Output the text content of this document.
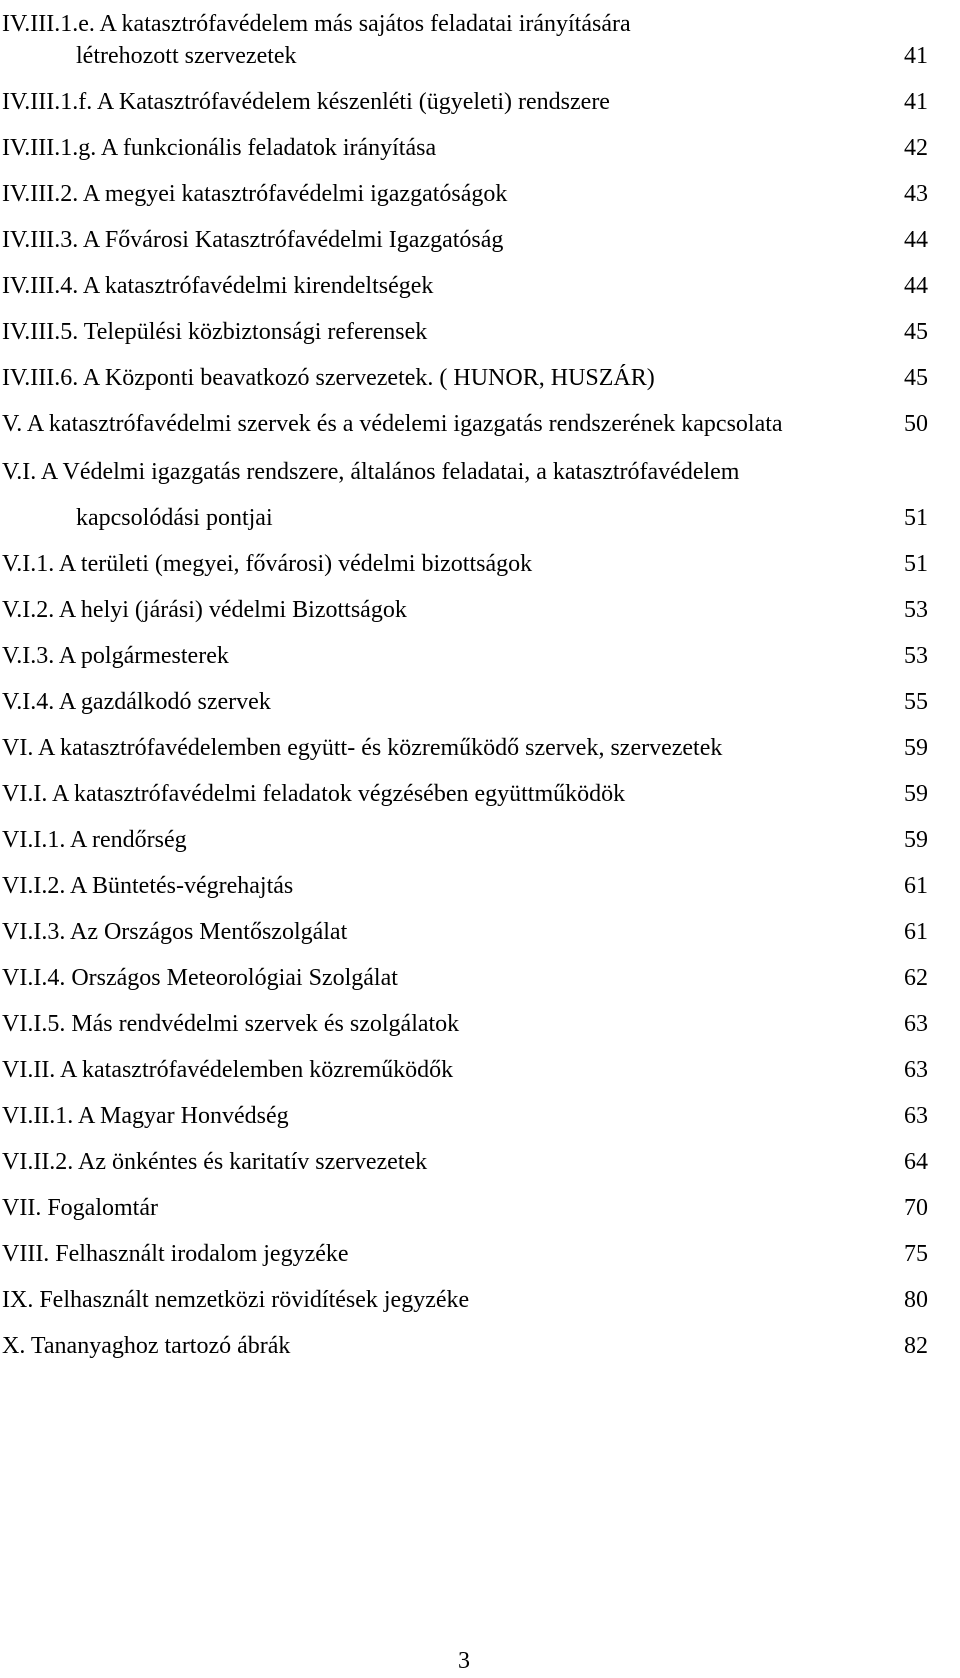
IV.III.1.e. A katasztrófavédelem más sajátos feladatai irányítására
létrehozott szervezetek	41
IV.III.1.f. A Katasztrófavédelem készenléti (ügyeleti) rendszere	41
IV.III.1.g. A funkcionális feladatok irányítása	42
IV.III.2. A megyei katasztrófavédelmi igazgatóságok	43
IV.III.3. A Fővárosi Katasztrófavédelmi Igazgatóság	44
IV.III.4. A katasztrófavédelmi kirendeltségek	44
IV.III.5. Települési közbiztonsági referensek	45
IV.III.6. A Központi beavatkozó szervezetek. ( HUNOR, HUSZÁR)	45
V. A katasztrófavédelmi szervek és a védelemi igazgatás rendszerének kapcsolata	50
V.I. A Védelmi igazgatás rendszere, általános feladatai, a katasztrófavédelem
kapcsolódási pontjai	51
V.I.1. A területi (megyei, fővárosi) védelmi bizottságok	51
V.I.2. A helyi (járási) védelmi Bizottságok	53
V.I.3. A polgármesterek	53
V.I.4. A gazdálkodó szervek	55
VI. A katasztrófavédelemben együtt- és közreműködő szervek, szervezetek	59
VI.I. A katasztrófavédelmi feladatok végzésében együttműködök	59
VI.I.1. A rendőrség	59
VI.I.2. A Büntetés-végrehajtás	61
VI.I.3. Az Országos Mentőszolgálat	61
VI.I.4. Országos Meteorológiai Szolgálat	62
VI.I.5. Más rendvédelmi szervek és szolgálatok	63
VI.II. A katasztrófavédelemben közreműködők	63
VI.II.1. A Magyar Honvédség	63
VI.II.2. Az önkéntes és karitatív szervezetek	64
VII. Fogalomtár	70
VIII. Felhasznált irodalom jegyzéke	75
IX. Felhasznált nemzetközi rövidítések jegyzéke	80
X. Tananyaghoz tartozó ábrák	82
3
